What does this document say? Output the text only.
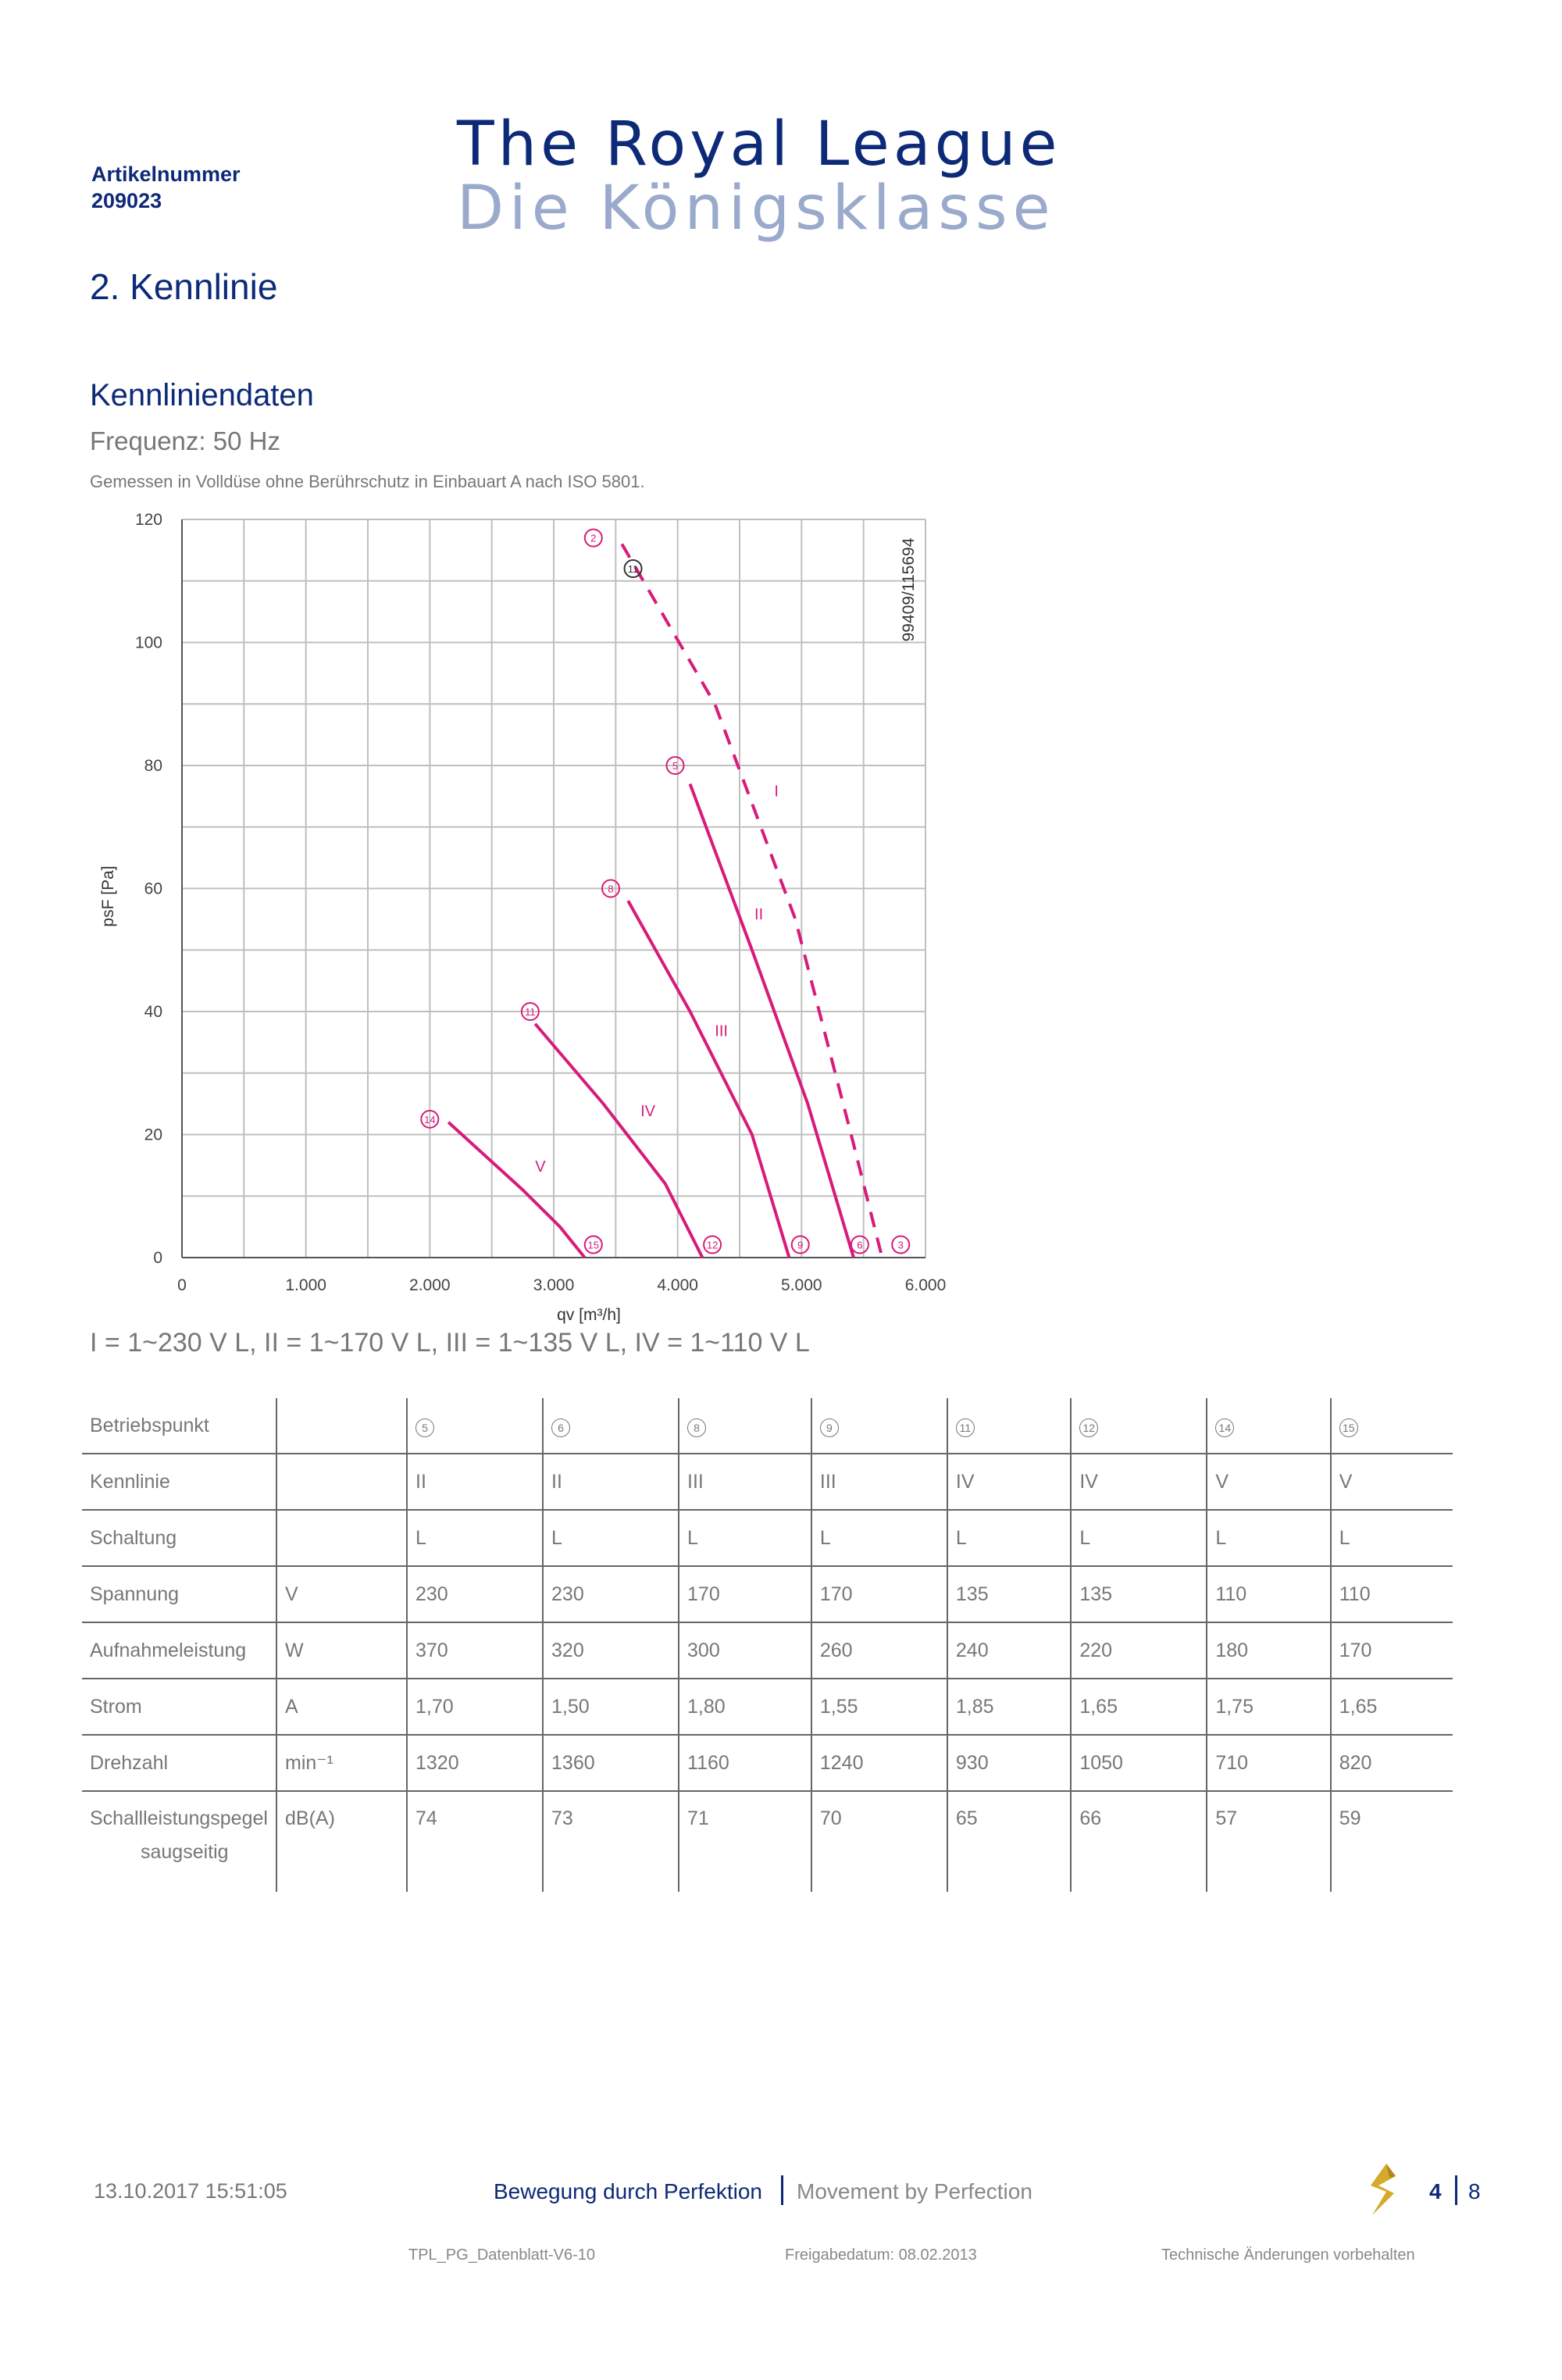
Artikelnummer
209023
The Royal League
Die Königsklasse
2. Kennlinie
Kennliniendaten
Frequenz: 50 Hz
Gemessen in Volldüse ohne Berührschutz in Einbauart A nach ISO 5801.
0	1.000	2.000	3.000	4.000	5.000	6.000
0
20
40
60
80
100
120
qv [m³/h]
psF [Pa]
99409/115694
I
II
III
IV
V
2
11
5
8
11
14
15	12	9	6	3
I = 1~230 V L, II = 1~170 V L, III = 1~135 V L, IV = 1~110 V L
Betriebspunkt		5	6	8	9	11	12	14	15
Kennlinie		II	II	III	III	IV	IV	V	V
Schaltung		L	L	L	L	L	L	L	L
Spannung	V	230	230	170	170	135	135	110	110
Aufnahmeleistung	W	370	320	300	260	240	220	180	170
Strom	A	1,70	1,50	1,80	1,55	1,85	1,65	1,75	1,65
Drehzahl	min⁻¹	1320	1360	1160	1240	930	1050	710	820

Schallleistungspegel
saugseitig	dB(A)	74	73	71	70	65	66	57	59
13.10.2017 15:51:05	Bewegung durch Perfektion Movement by Perfection	4 8
TPL_PG_Datenblatt-V6-10	Freigabedatum: 08.02.2013	Technische Änderungen vorbehalten
